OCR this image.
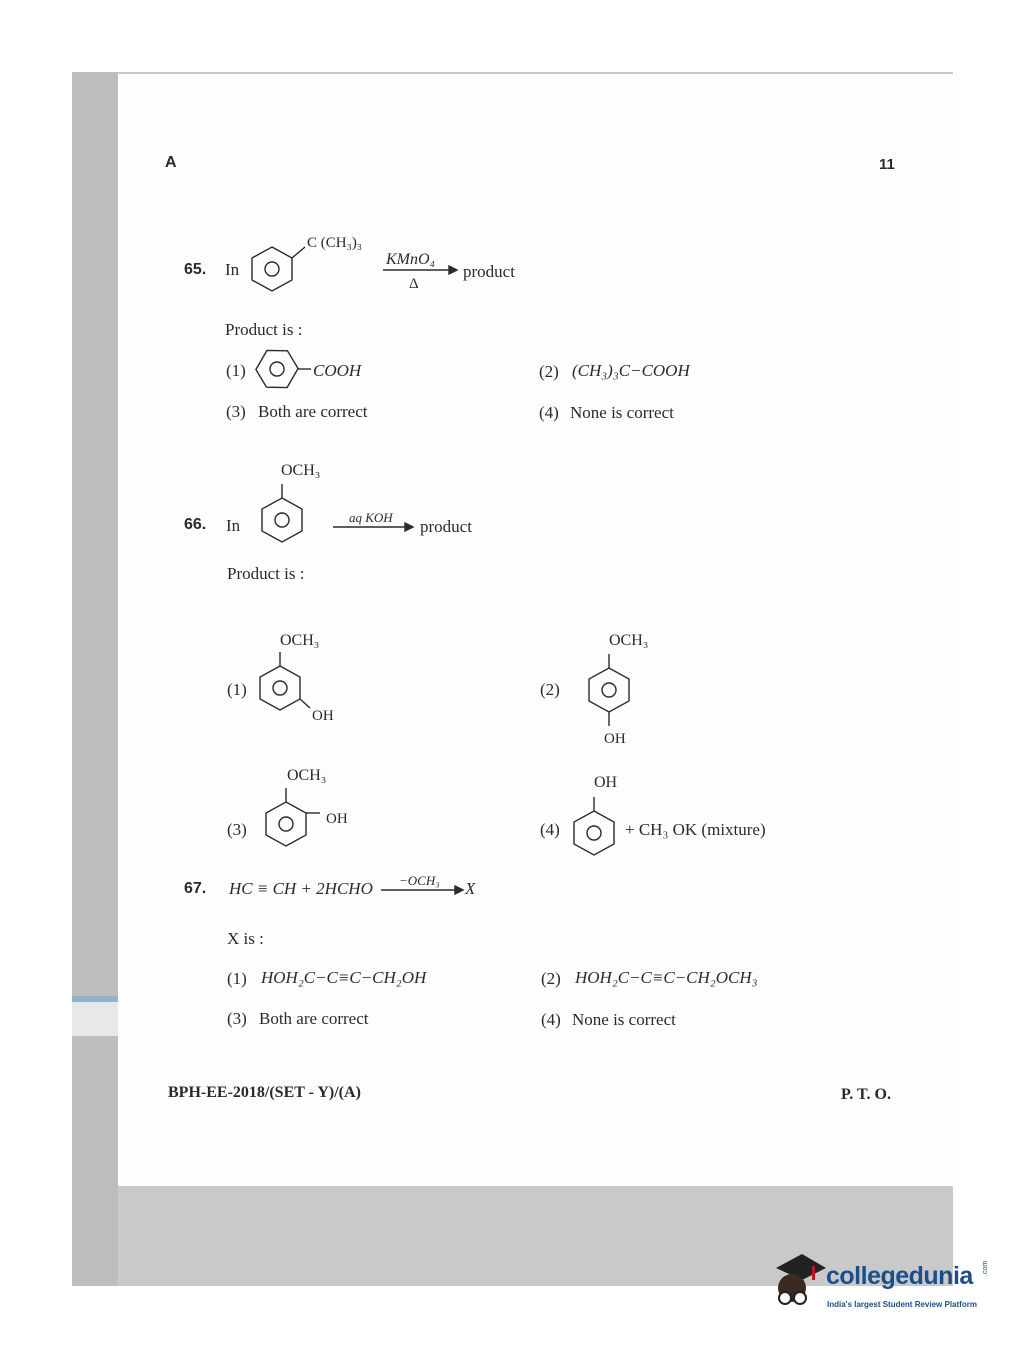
A	11
65. In
C (CH₃)₃
KMnO₄
Δ
product
Product is :
(1)	COOH	(2) (CH₃)₃C−COOH
(3) Both are correct	(4) None is correct
OCH₃
66. In	aq KOH product
Product is :
OCH₃
(1)
OH
OCH₃
(2)
OH
OCH₃
(3)
OH
OH
(4)	+ CH₃ OK (mixture)
67. HC ≡ CH + 2HCHO −OCH₃ X
X is :
(1) HOH₂C−C≡C−CH₂OH	(2) HOH₂C−C≡C−CH₂OCH₃
(3) Both are correct	(4) None is correct
BPH-EE-2018/(SET - Y)/(A)	P. T. O.
collegedunia .com
India's largest Student Review Platform
